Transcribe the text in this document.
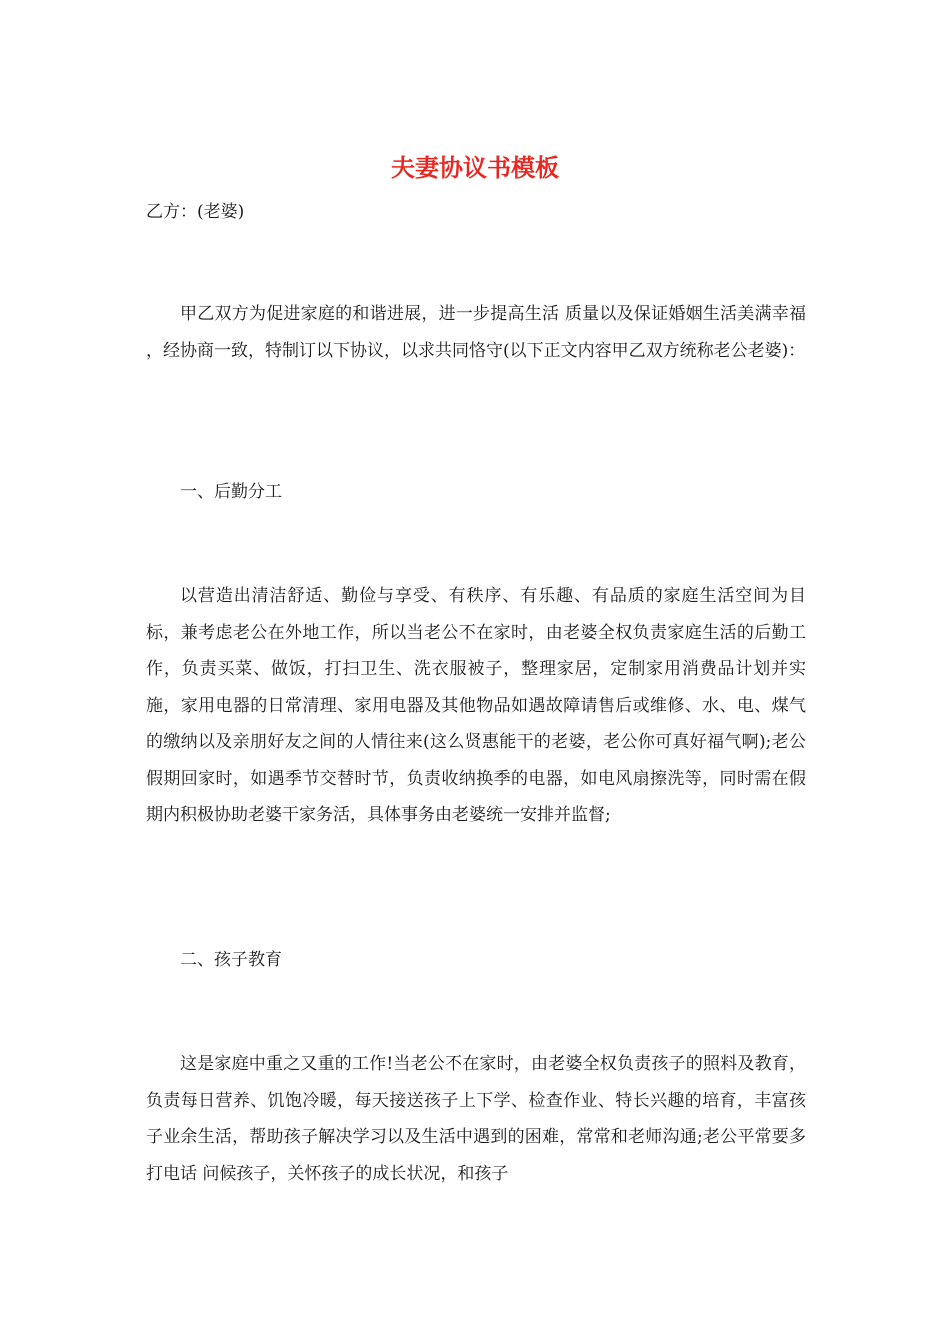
夫妻协议书模板
乙方：(老婆)

甲乙双方为促进家庭的和谐进展，进一步提高生活 质量以及保证婚姻生活美满幸福 ，经协商一致，特制订以下协议，以求共同恪守(以下正文内容甲乙双方统称老公老婆)：

一、后勤分工

以营造出清洁舒适、勤俭与享受、有秩序、有乐趣、有品质的家庭生活空间为目标，兼考虑老公在外地工作，所以当老公不在家时，由老婆全权负责家庭生活的后勤工作，负责买菜、做饭，打扫卫生、洗衣服被子，整理家居，定制家用消费品计划并实施，家用电器的日常清理、家用电器及其他物品如遇故障请售后或维修、水、电、煤气的缴纳以及亲朋好友之间的人情往来(这么贤惠能干的老婆，老公你可真好福气啊);老公假期回家时，如遇季节交替时节，负责收纳换季的电器，如电风扇擦洗等，同时需在假期内积极协助老婆干家务活，具体事务由老婆统一安排并监督;

二、孩子教育

这是家庭中重之又重的工作!当老公不在家时，由老婆全权负责孩子的照料及教育，负责每日营养、饥饱冷暖，每天接送孩子上下学、检查作业、特长兴趣的培育，丰富孩子业余生活，帮助孩子解决学习以及生活中遇到的困难，常常和老师沟通;老公平常要多打电话 问候孩子，关怀孩子的成长状况，和孩子
